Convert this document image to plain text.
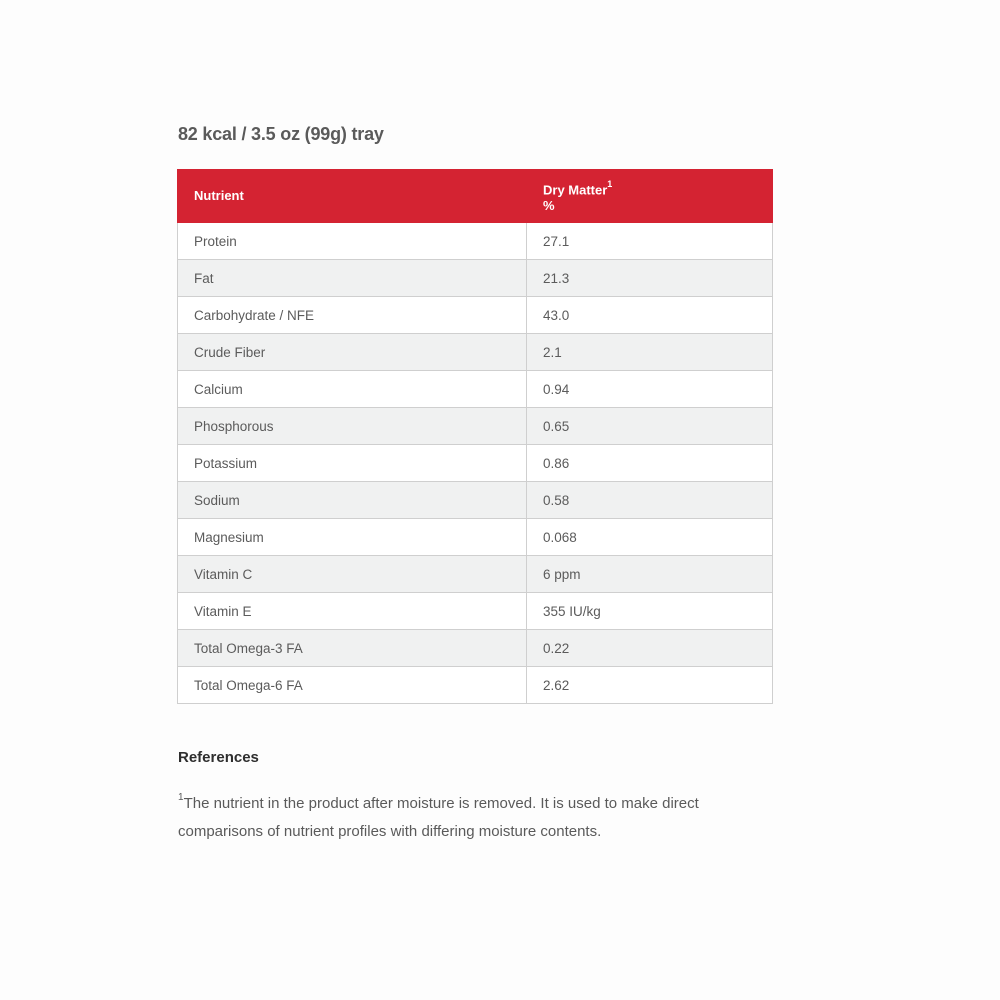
82 kcal / 3.5 oz (99g) tray
Nutrient	Dry Matter$^1$
%
Protein	27.1
Fat	21.3
Carbohydrate / NFE	43.0
Crude Fiber	2.1
Calcium	0.94
Phosphorous	0.65
Potassium	0.86
Sodium	0.58
Magnesium	0.068
Vitamin C	6 ppm
Vitamin E	355 IU/kg
Total Omega-3 FA	0.22
Total Omega-6 FA	2.62
References

$^1$The nutrient in the product after moisture is removed. It is used to make direct comparisons of nutrient profiles with differing moisture contents.
